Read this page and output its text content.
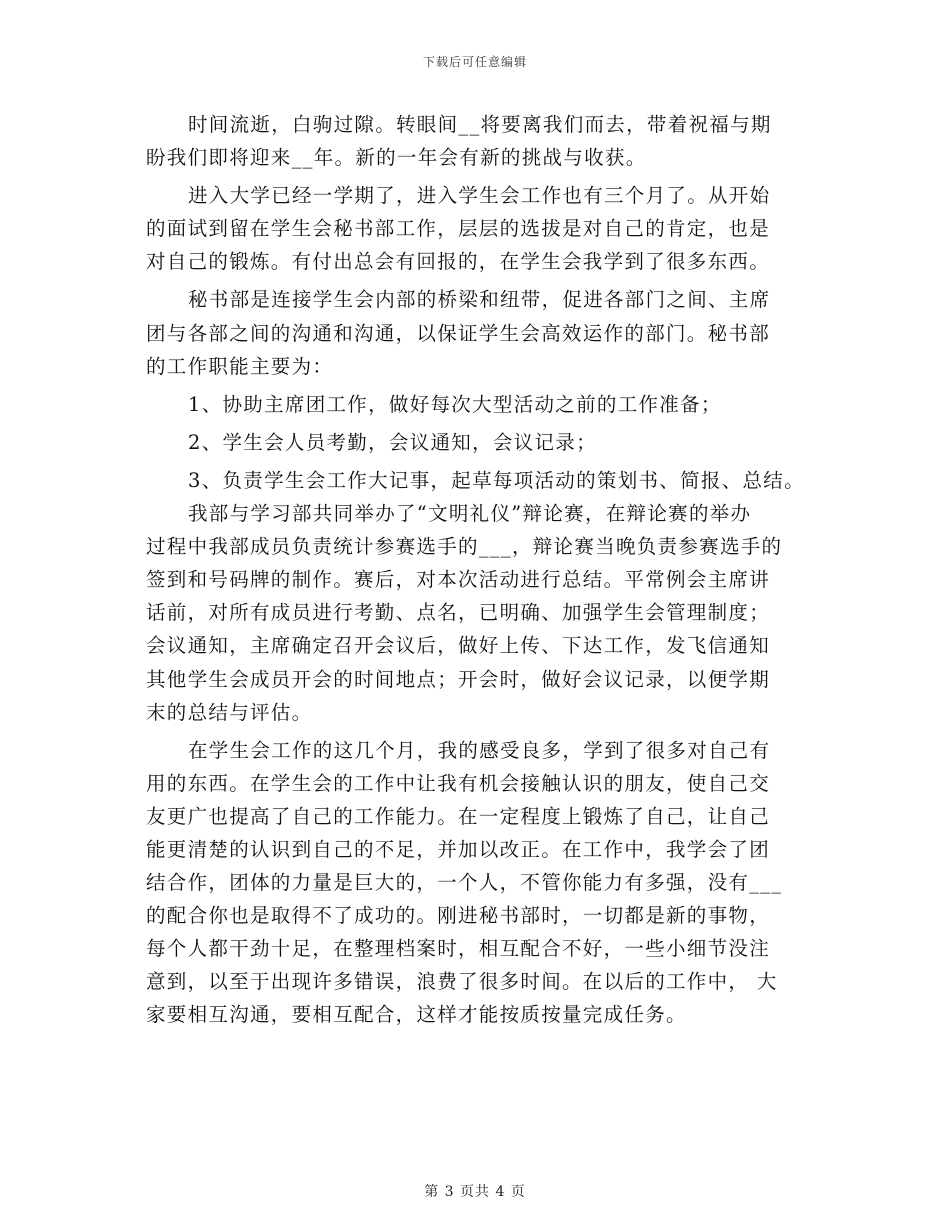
下载后可任意编辑
时间流逝，白驹过隙。转眼间__将要离我们而去，带着祝福与期
盼我们即将迎来__年。新的一年会有新的挑战与收获。
进入大学已经一学期了，进入学生会工作也有三个月了。从开始
的面试到留在学生会秘书部工作，层层的选拔是对自己的肯定，也是
对自己的锻炼。有付出总会有回报的，在学生会我学到了很多东西。
秘书部是连接学生会内部的桥梁和纽带，促进各部门之间、主席
团与各部之间的沟通和沟通，以保证学生会高效运作的部门。秘书部
的工作职能主要为：
1、协助主席团工作，做好每次大型活动之前的工作准备；
2、学生会人员考勤，会议通知，会议记录；
3、负责学生会工作大记事，起草每项活动的策划书、简报、总结。
我部与学习部共同举办了“文明礼仪”辩论赛，在辩论赛的举办
过程中我部成员负责统计参赛选手的___，辩论赛当晚负责参赛选手的
签到和号码牌的制作。赛后，对本次活动进行总结。平常例会主席讲
话前，对所有成员进行考勤、点名，已明确、加强学生会管理制度；
会议通知，主席确定召开会议后，做好上传、下达工作，发飞信通知
其他学生会成员开会的时间地点；开会时，做好会议记录，以便学期
末的总结与评估。
在学生会工作的这几个月，我的感受良多，学到了很多对自己有
用的东西。在学生会的工作中让我有机会接触认识的朋友，使自己交
友更广也提高了自己的工作能力。在一定程度上锻炼了自己，让自己
能更清楚的认识到自己的不足，并加以改正。在工作中，我学会了团
结合作，团体的力量是巨大的，一个人，不管你能力有多强，没有___
的配合你也是取得不了成功的。刚进秘书部时，一切都是新的事物，
每个人都干劲十足，在整理档案时，相互配合不好，一些小细节没注
意到，以至于出现许多错误，浪费了很多时间。在以后的工作中， 大
家要相互沟通，要相互配合，这样才能按质按量完成任务。
第 3 页共 4 页
